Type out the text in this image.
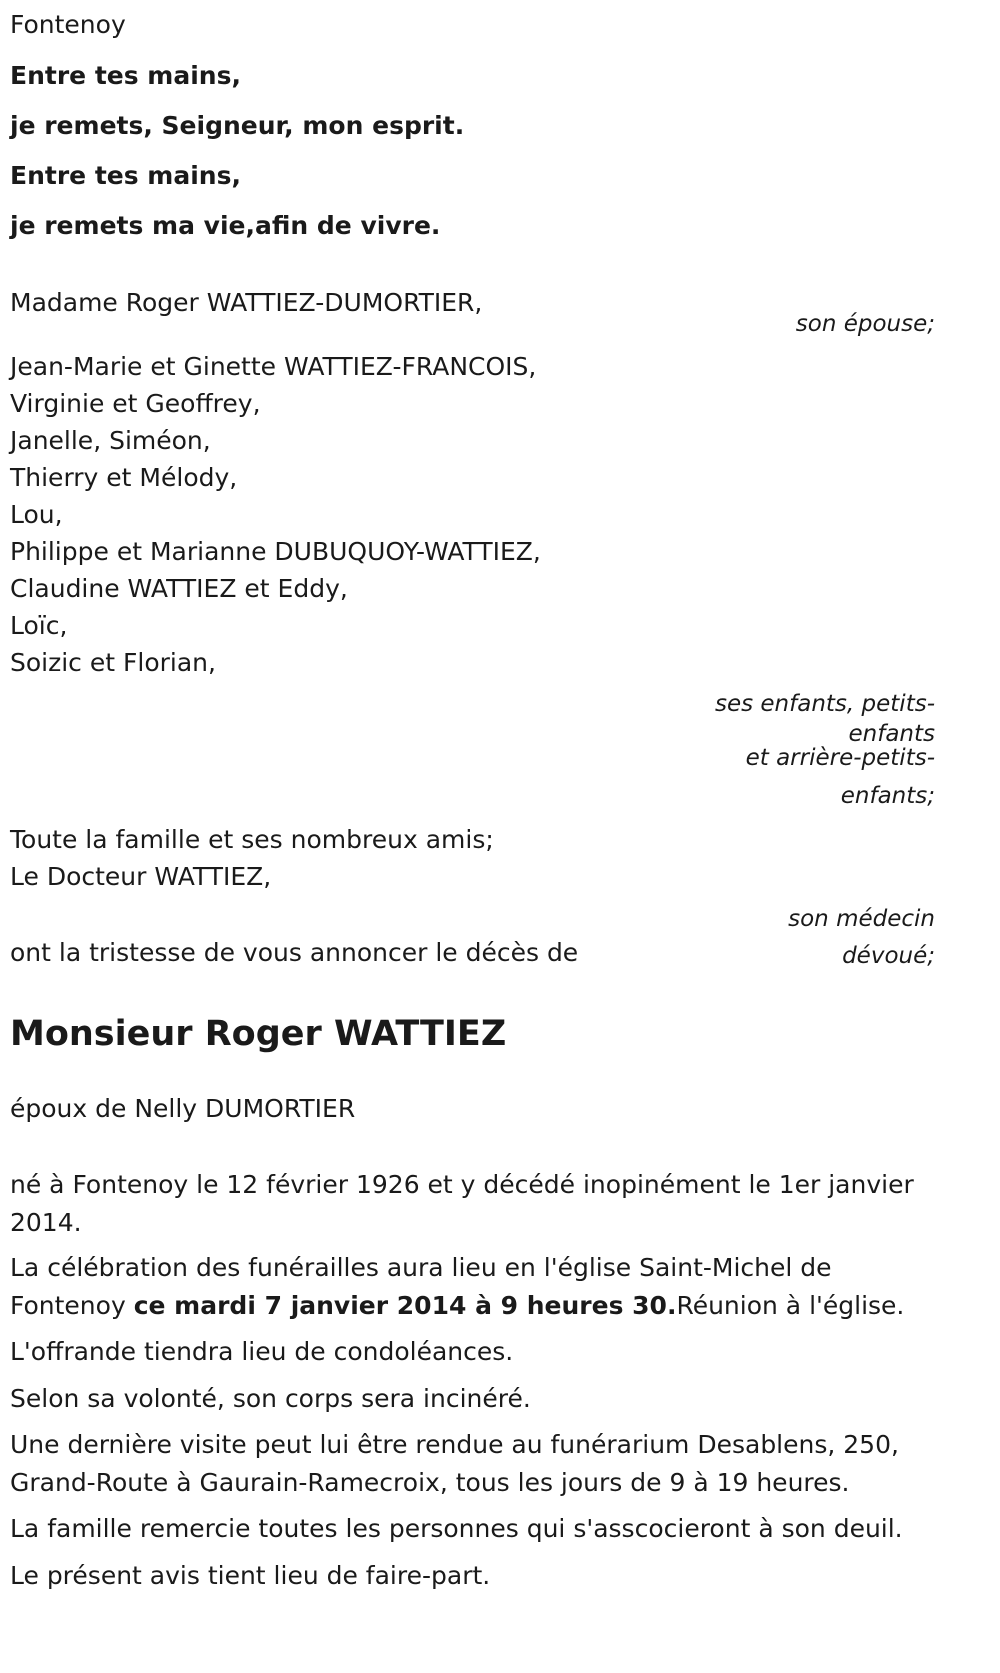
Fontenoy

Entre tes mains,

je remets, Seigneur, mon esprit.

Entre tes mains,

je remets ma vie,afin de vivre.

Madame Roger WATTIEZ-DUMORTIER,
son épouse;
Jean-Marie et Ginette WATTIEZ-FRANCOIS,
Virginie et Geoffrey,
Janelle, Siméon,
Thierry et Mélody,
Lou,
Philippe et Marianne DUBUQUOY-WATTIEZ,
Claudine WATTIEZ et Eddy,
Loïc,
Soizic et Florian,
ses enfants, petits-
enfants
et arrière-petits-
enfants;
Toute la famille et ses nombreux amis;
Le Docteur WATTIEZ,
son médecin
dévoué;
ont la tristesse de vous annoncer le décès de
Monsieur Roger WATTIEZ
époux de Nelly DUMORTIER
né à Fontenoy le 12 février 1926 et y décédé inopinément le 1er janvier 2014.
La célébration des funérailles aura lieu en l'église Saint-Michel de Fontenoy ce mardi 7 janvier 2014 à 9 heures 30.Réunion à l'église.
L'offrande tiendra lieu de condoléances.
Selon sa volonté, son corps sera incinéré.
Une dernière visite peut lui être rendue au funérarium Desablens, 250, Grand-Route à Gaurain-Ramecroix, tous les jours de 9 à 19 heures.
La famille remercie toutes les personnes qui s'asscocieront à son deuil.
Le présent avis tient lieu de faire-part.
